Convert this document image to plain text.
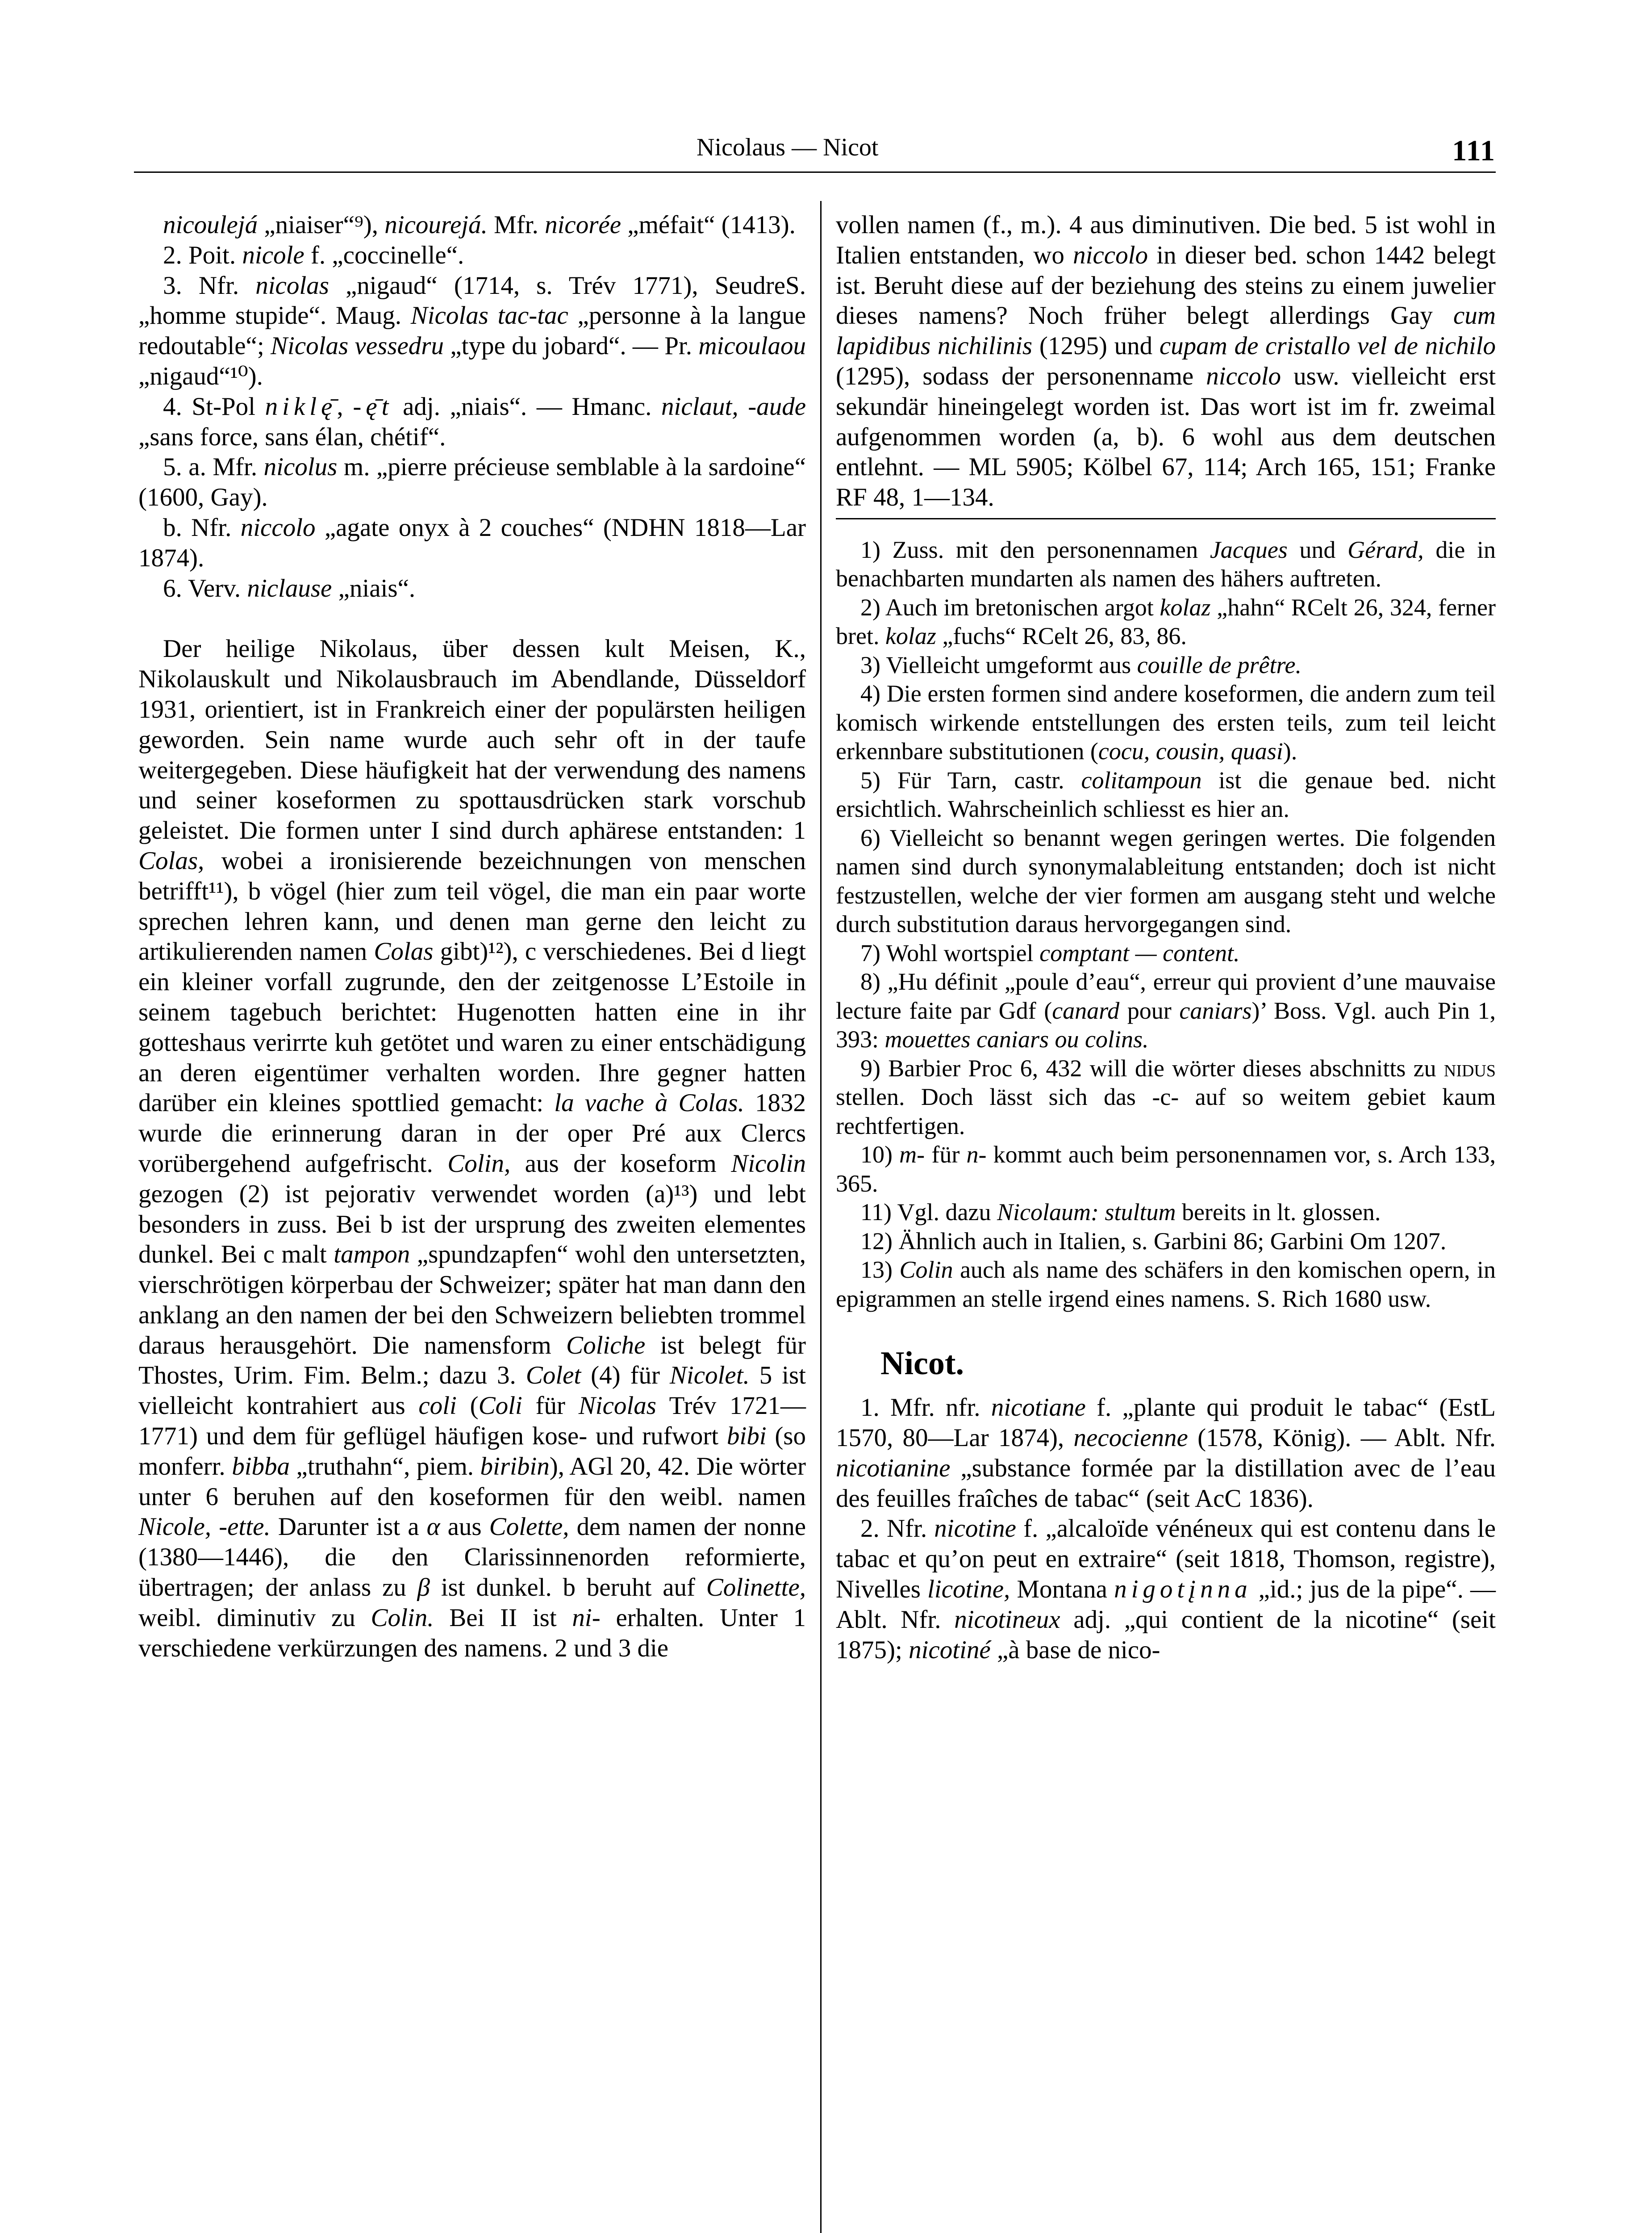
Nicolaus — Nicot	111

nicoulejá „niaiser“⁹), nicourejá. Mfr. nicorée „méfait“ (1413).

2. Poit. nicole f. „coccinelle“.

3. Nfr. nicolas „nigaud“ (1714, s. Trév 1771), SeudreS. „homme stupide“. Maug. Nicolas tac-tac „personne à la langue redoutable“; Nicolas vessedru „type du jobard“. — Pr. micoulaou „nigaud“¹⁰).

4. St-Pol niklę̄, -ę̄t adj. „niais“. — Hmanc. niclaut, -aude „sans force, sans élan, chétif“.

5. a. Mfr. nicolus m. „pierre précieuse semblable à la sardoine“ (1600, Gay).

b. Nfr. niccolo „agate onyx à 2 couches“ (NDHN 1818—Lar 1874).

6. Verv. niclause „niais“.

Der heilige Nikolaus, über dessen kult Meisen, K., Nikolauskult und Nikolausbrauch im Abendlande, Düsseldorf 1931, orientiert, ist in Frankreich einer der populärsten heiligen geworden. Sein name wurde auch sehr oft in der taufe weitergegeben. Diese häufigkeit hat der verwendung des namens und seiner koseformen zu spottausdrücken stark vorschub geleistet. Die formen unter I sind durch aphärese entstanden: 1 Colas, wobei a ironisierende bezeichnungen von menschen betrifft¹¹), b vögel (hier zum teil vögel, die man ein paar worte sprechen lehren kann, und denen man gerne den leicht zu artikulierenden namen Colas gibt)¹²), c verschiedenes. Bei d liegt ein kleiner vorfall zugrunde, den der zeitgenosse L’Estoile in seinem tagebuch berichtet: Hugenotten hatten eine in ihr gotteshaus verirrte kuh getötet und waren zu einer entschädigung an deren eigentümer verhalten worden. Ihre gegner hatten darüber ein kleines spottlied gemacht: la vache à Colas. 1832 wurde die erinnerung daran in der oper Pré aux Clercs vorübergehend aufgefrischt. Colin, aus der koseform Nicolin gezogen (2) ist pejorativ verwendet worden (a)¹³) und lebt besonders in zuss. Bei b ist der ursprung des zweiten elementes dunkel. Bei c malt tampon „spundzapfen“ wohl den untersetzten, vierschrötigen körperbau der Schweizer; später hat man dann den anklang an den namen der bei den Schweizern beliebten trommel daraus herausgehört. Die namensform Coliche ist belegt für Thostes, Urim. Fim. Belm.; dazu 3. Colet (4) für Nicolet. 5 ist vielleicht kontrahiert aus coli (Coli für Nicolas Trév 1721—1771) und dem für geflügel häufigen kose- und rufwort bibi (so monferr. bibba „truthahn“, piem. biribin), AGl 20, 42. Die wörter unter 6 beruhen auf den koseformen für den weibl. namen Nicole, -ette. Darunter ist a α aus Colette, dem namen der nonne (1380—1446), die den Clarissinnenorden reformierte, übertragen; der anlass zu β ist dunkel. b beruht auf Colinette, weibl. diminutiv zu Colin. Bei II ist ni- erhalten. Unter 1 verschiedene verkürzungen des namens. 2 und 3 die

vollen namen (f., m.). 4 aus diminutiven. Die bed. 5 ist wohl in Italien entstanden, wo niccolo in dieser bed. schon 1442 belegt ist. Beruht diese auf der beziehung des steins zu einem juwelier dieses namens? Noch früher belegt allerdings Gay cum lapidibus nichilinis (1295) und cupam de cristallo vel de nichilo (1295), sodass der personenname niccolo usw. vielleicht erst sekundär hineingelegt worden ist. Das wort ist im fr. zweimal aufgenommen worden (a, b). 6 wohl aus dem deutschen entlehnt. — ML 5905; Kölbel 67, 114; Arch 165, 151; Franke RF 48, 1—134.

1) Zuss. mit den personennamen Jacques und Gérard, die in benachbarten mundarten als namen des hähers auftreten.

2) Auch im bretonischen argot kolaz „hahn“ RCelt 26, 324, ferner bret. kolaz „fuchs“ RCelt 26, 83, 86.

3) Vielleicht umgeformt aus couille de prêtre.

4) Die ersten formen sind andere koseformen, die andern zum teil komisch wirkende entstellungen des ersten teils, zum teil leicht erkennbare substitutionen (cocu, cousin, quasi).

5) Für Tarn, castr. colitampoun ist die genaue bed. nicht ersichtlich. Wahrscheinlich schliesst es hier an.

6) Vielleicht so benannt wegen geringen wertes. Die folgenden namen sind durch synonymalableitung entstanden; doch ist nicht festzustellen, welche der vier formen am ausgang steht und welche durch substitution daraus hervorgegangen sind.

7) Wohl wortspiel comptant — content.

8) „Hu définit „poule d’eau“, erreur qui provient d’une mauvaise lecture faite par Gdf (canard pour caniars)’ Boss. Vgl. auch Pin 1, 393: mouettes caniars ou colins.

9) Barbier Proc 6, 432 will die wörter dieses abschnitts zu nidus stellen. Doch lässt sich das -c- auf so weitem gebiet kaum rechtfertigen.

10) m- für n- kommt auch beim personennamen vor, s. Arch 133, 365.

11) Vgl. dazu Nicolaum: stultum bereits in lt. glossen.

12) Ähnlich auch in Italien, s. Garbini 86; Garbini Om 1207.

13) Colin auch als name des schäfers in den komischen opern, in epigrammen an stelle irgend eines namens. S. Rich 1680 usw.

Nicot.

1. Mfr. nfr. nicotiane f. „plante qui produit le tabac“ (EstL 1570, 80—Lar 1874), necocienne (1578, König). — Ablt. Nfr. nicotianine „substance formée par la distillation avec de l’eau des feuilles fraîches de tabac“ (seit AcC 1836).

2. Nfr. nicotine f. „alcaloïde vénéneux qui est contenu dans le tabac et qu’on peut en extraire“ (seit 1818, Thomson, registre), Nivelles licotine, Montana nigotįnna „id.; jus de la pipe“. — Ablt. Nfr. nicotineux adj. „qui contient de la nicotine“ (seit 1875); nicotiné „à base de nico-
